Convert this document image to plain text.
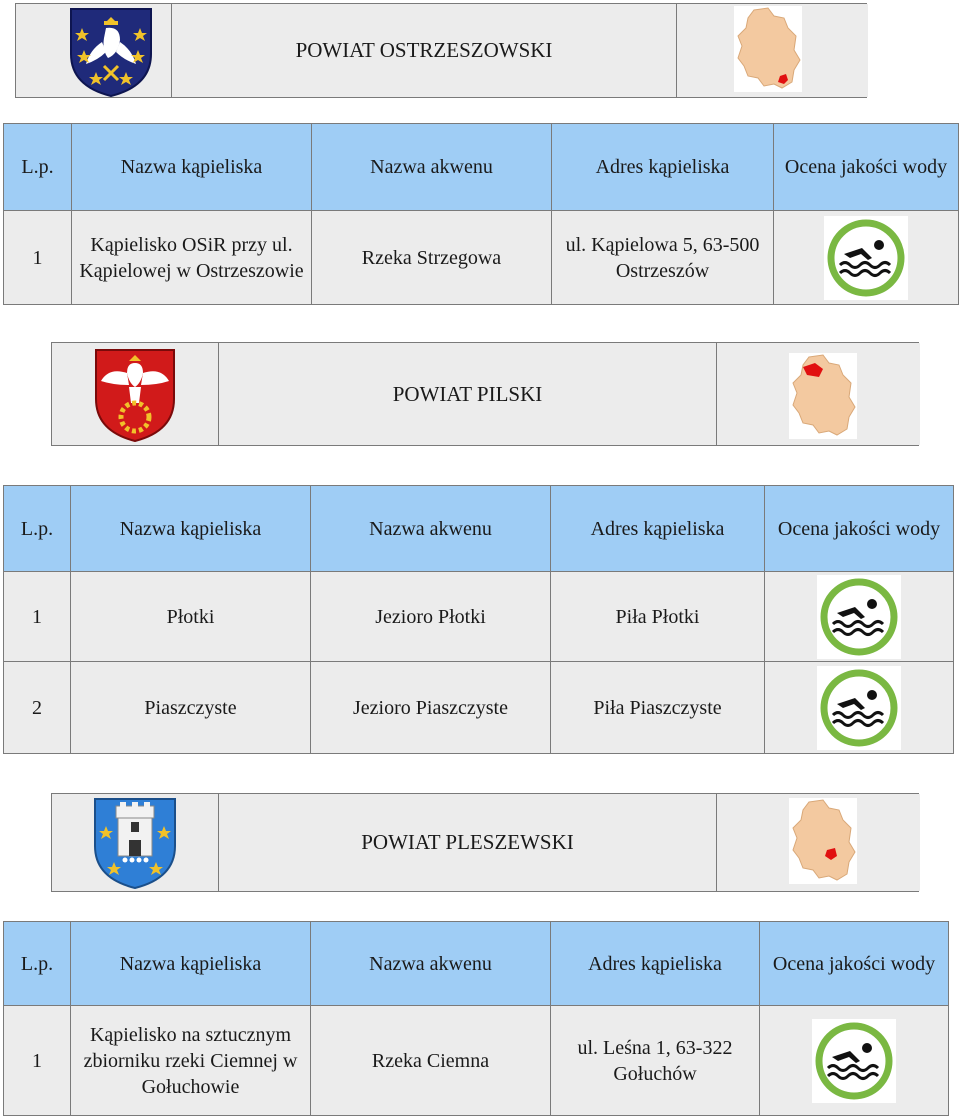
POWIAT OSTRZESZOWSKI
L.p.	Nazwa kąpieliska	Nazwa akwenu	Adres kąpieliska	Ocena jakości wody
1	Kąpielisko OSiR przy ul. Kąpielowej w Ostrzeszowie	Rzeka Strzegowa	ul. Kąpielowa 5, 63-500 Ostrzeszów	
POWIAT PILSKI
L.p.	Nazwa kąpieliska	Nazwa akwenu	Adres kąpieliska	Ocena jakości wody
1	Płotki	Jezioro Płotki	Piła Płotki	

2	Piaszczyste	Jezioro Piaszczyste	Piła Piaszczyste	
POWIAT PLESZEWSKI
L.p.	Nazwa kąpieliska	Nazwa akwenu	Adres kąpieliska	Ocena jakości wody
1	Kąpielisko na sztucznym zbiorniku rzeki Ciemnej w Gołuchowie	Rzeka Ciemna	ul. Leśna 1, 63-322 Gołuchów	
